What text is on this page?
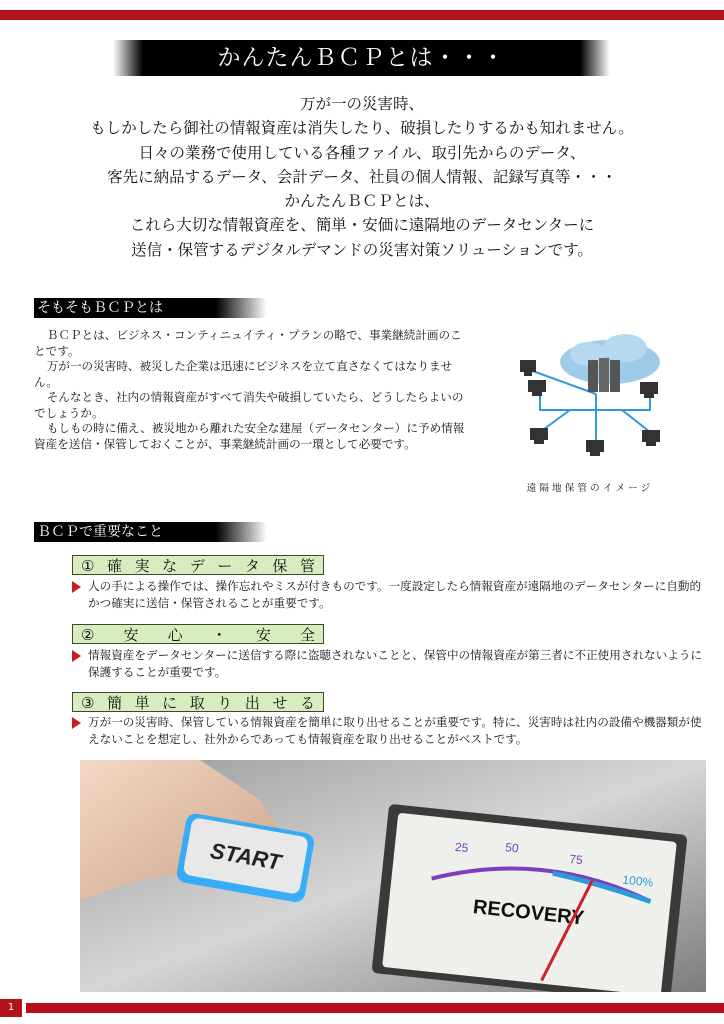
かんたんＢＣＰとは・・・
万が一の災害時、
もしかしたら御社の情報資産は消失したり、破損したりするかも知れません。
日々の業務で使用している各種ファイル、取引先からのデータ、
客先に納品するデータ、会計データ、社員の個人情報、記録写真等・・・
かんたんＢＣＰとは、
これら大切な情報資産を、簡単・安価に遠隔地のデータセンターに
送信・保管するデジタルデマンドの災害対策ソリューションです。
そもそもＢＣＰとは

ＢＣＰとは、ビジネス・コンティニュイティ・プランの略で、事業継続計画のことです。

万が一の災害時、被災した企業は迅速にビジネスを立て直さなくてはなりません。

そんなとき、社内の情報資産がすべて消失や破損していたら、どうしたらよいのでしょうか。

もしもの時に備え、被災地から離れた安全な建屋（データセンター）に予め情報資産を送信・保管しておくことが、事業継続計画の一環として必要です。

遠隔地保管のイメージ
ＢＣＰで重要なこと
① 確 実 な デ ー タ 保 管
人の手による操作では、操作忘れやミスが付きものです。一度設定したら情報資産が遠隔地のデータセンターに自動的かつ確実に送信・保管されることが重要です。
② 安 心 ・ 安 全
情報資産をデータセンターに送信する際に盗聴されないことと、保管中の情報資産が第三者に不正使用されないように保護することが重要です。
③ 簡 単 に 取 り 出 せ る
万が一の災害時、保管している情報資産を簡単に取り出せることが重要です。特に、災害時は社内の設備や機器類が使えないことを想定し、社外からであっても情報資産を取り出せることがベストです。
START	25	50
75
100%
RECOVERY
1
